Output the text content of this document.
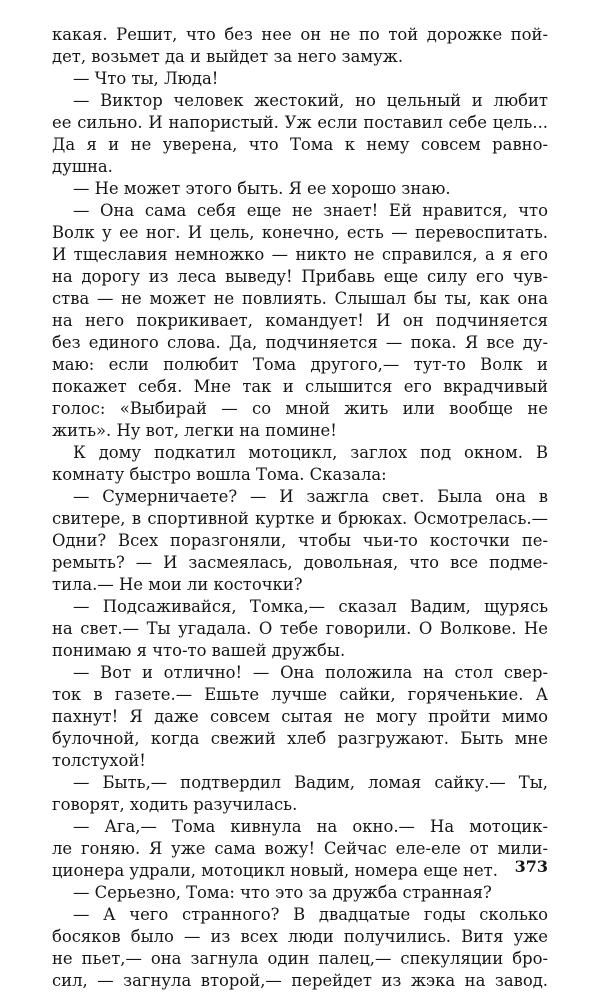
какая. Решит, что без нее он не по той дорожке пой-
дет, возьмет да и выйдет за него замуж.
— Что ты, Люда!
— Виктор человек жестокий, но цельный и любит
ее сильно. И напористый. Уж если поставил себе цель...
Да я и не уверена, что Тома к нему совсем равно-
душна.
— Не может этого быть. Я ее хорошо знаю.
— Она сама себя еще не знает! Ей нравится, что
Волк у ее ног. И цель, конечно, есть — перевоспитать.
И тщеславия немножко — никто не справился, а я его
на дорогу из леса выведу! Прибавь еще силу его чув-
ства — не может не повлиять. Слышал бы ты, как она
на него покрикивает, командует! И он подчиняется
без единого слова. Да, подчиняется — пока. Я все ду-
маю: если полюбит Тома другого,— тут-то Волк и
покажет себя. Мне так и слышится его вкрадчивый
голос: «Выбирай — со мной жить или вообще не
жить». Ну вот, легки на помине!
К дому подкатил мотоцикл, заглох под окном. В
комнату быстро вошла Тома. Сказала:
— Сумерничаете? — И зажгла свет. Была она в
свитере, в спортивной куртке и брюках. Осмотрелась.—
Одни? Всех поразгоняли, чтобы чьи-то косточки пе-
ремыть? — И засмеялась, довольная, что все подме-
тила.— Не мои ли косточки?
— Подсаживайся, Томка,— сказал Вадим, щурясь
на свет.— Ты угадала. О тебе говорили. О Волкове. Не
понимаю я что-то вашей дружбы.
— Вот и отлично! — Она положила на стол свер-
ток в газете.— Ешьте лучше сайки, горяченькие. А
пахнут! Я даже совсем сытая не могу пройти мимо
булочной, когда свежий хлеб разгружают. Быть мне
толстухой!
— Быть,— подтвердил Вадим, ломая сайку.— Ты,
говорят, ходить разучилась.
— Ага,— Тома кивнула на окно.— На мотоцик-
ле гоняю. Я уже сама вожу! Сейчас еле-еле от мили-
ционера удрали, мотоцикл новый, номера еще нет.
— Серьезно, Тома: что это за дружба странная?
— А чего странного? В двадцатые годы сколько
босяков было — из всех люди получились. Витя уже
не пьет,— она загнула один палец,— спекуляции бро-
сил, — загнула второй,— перейдет из жэка на завод.
373
